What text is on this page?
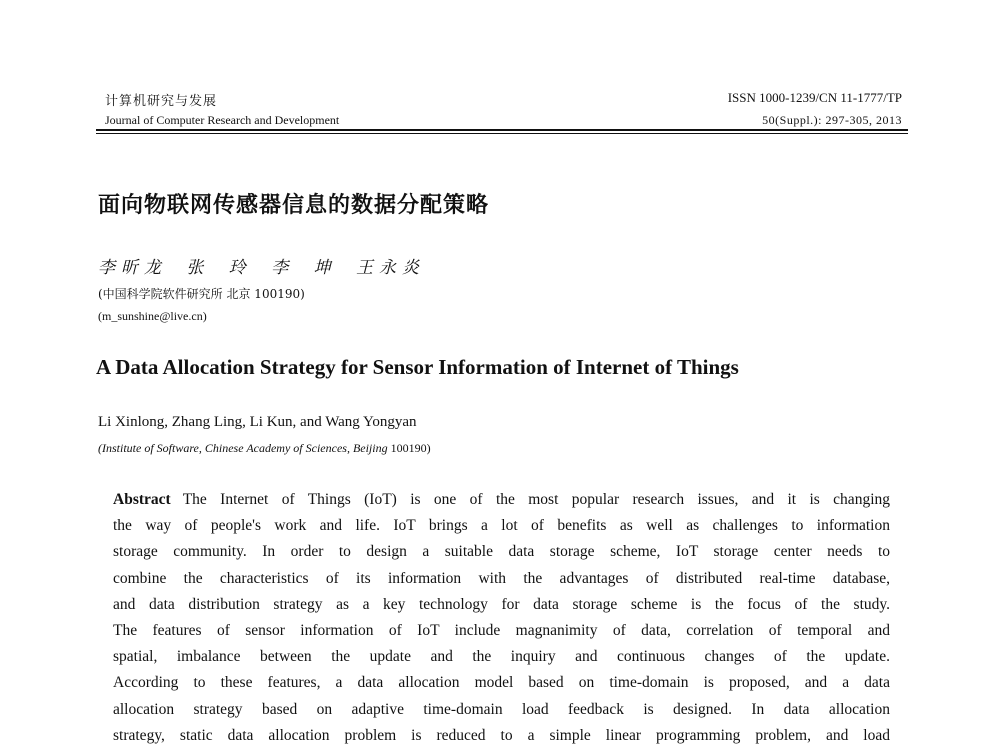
计算机研究与发展
Journal of Computer Research and Development
ISSN 1000-1239/CN 11-1777/TP
50(Suppl.): 297-305, 2013
面向物联网传感器信息的数据分配策略
李昕龙 张 玲 李 坤 王永炎
(中国科学院软件研究所 北京 100190)
(m_sunshine@live.cn)
A Data Allocation Strategy for Sensor Information of Internet of Things
Li Xinlong, Zhang Ling, Li Kun, and Wang Yongyan
(Institute of Software, Chinese Academy of Sciences, Beijing 100190)
Abstract The Internet of Things (IoT) is one of the most popular research issues, and it is changing
the way of people's work and life. IoT brings a lot of benefits as well as challenges to information
storage community. In order to design a suitable data storage scheme, IoT storage center needs to
combine the characteristics of its information with the advantages of distributed real-time database,
and data distribution strategy as a key technology for data storage scheme is the focus of the study.
The features of sensor information of IoT include magnanimity of data, correlation of temporal and
spatial, imbalance between the update and the inquiry and continuous changes of the update.
According to these features, a data allocation model based on time-domain is proposed, and a data
allocation strategy based on adaptive time-domain load feedback is designed. In data allocation
strategy, static data allocation problem is reduced to a simple linear programming problem, and load
